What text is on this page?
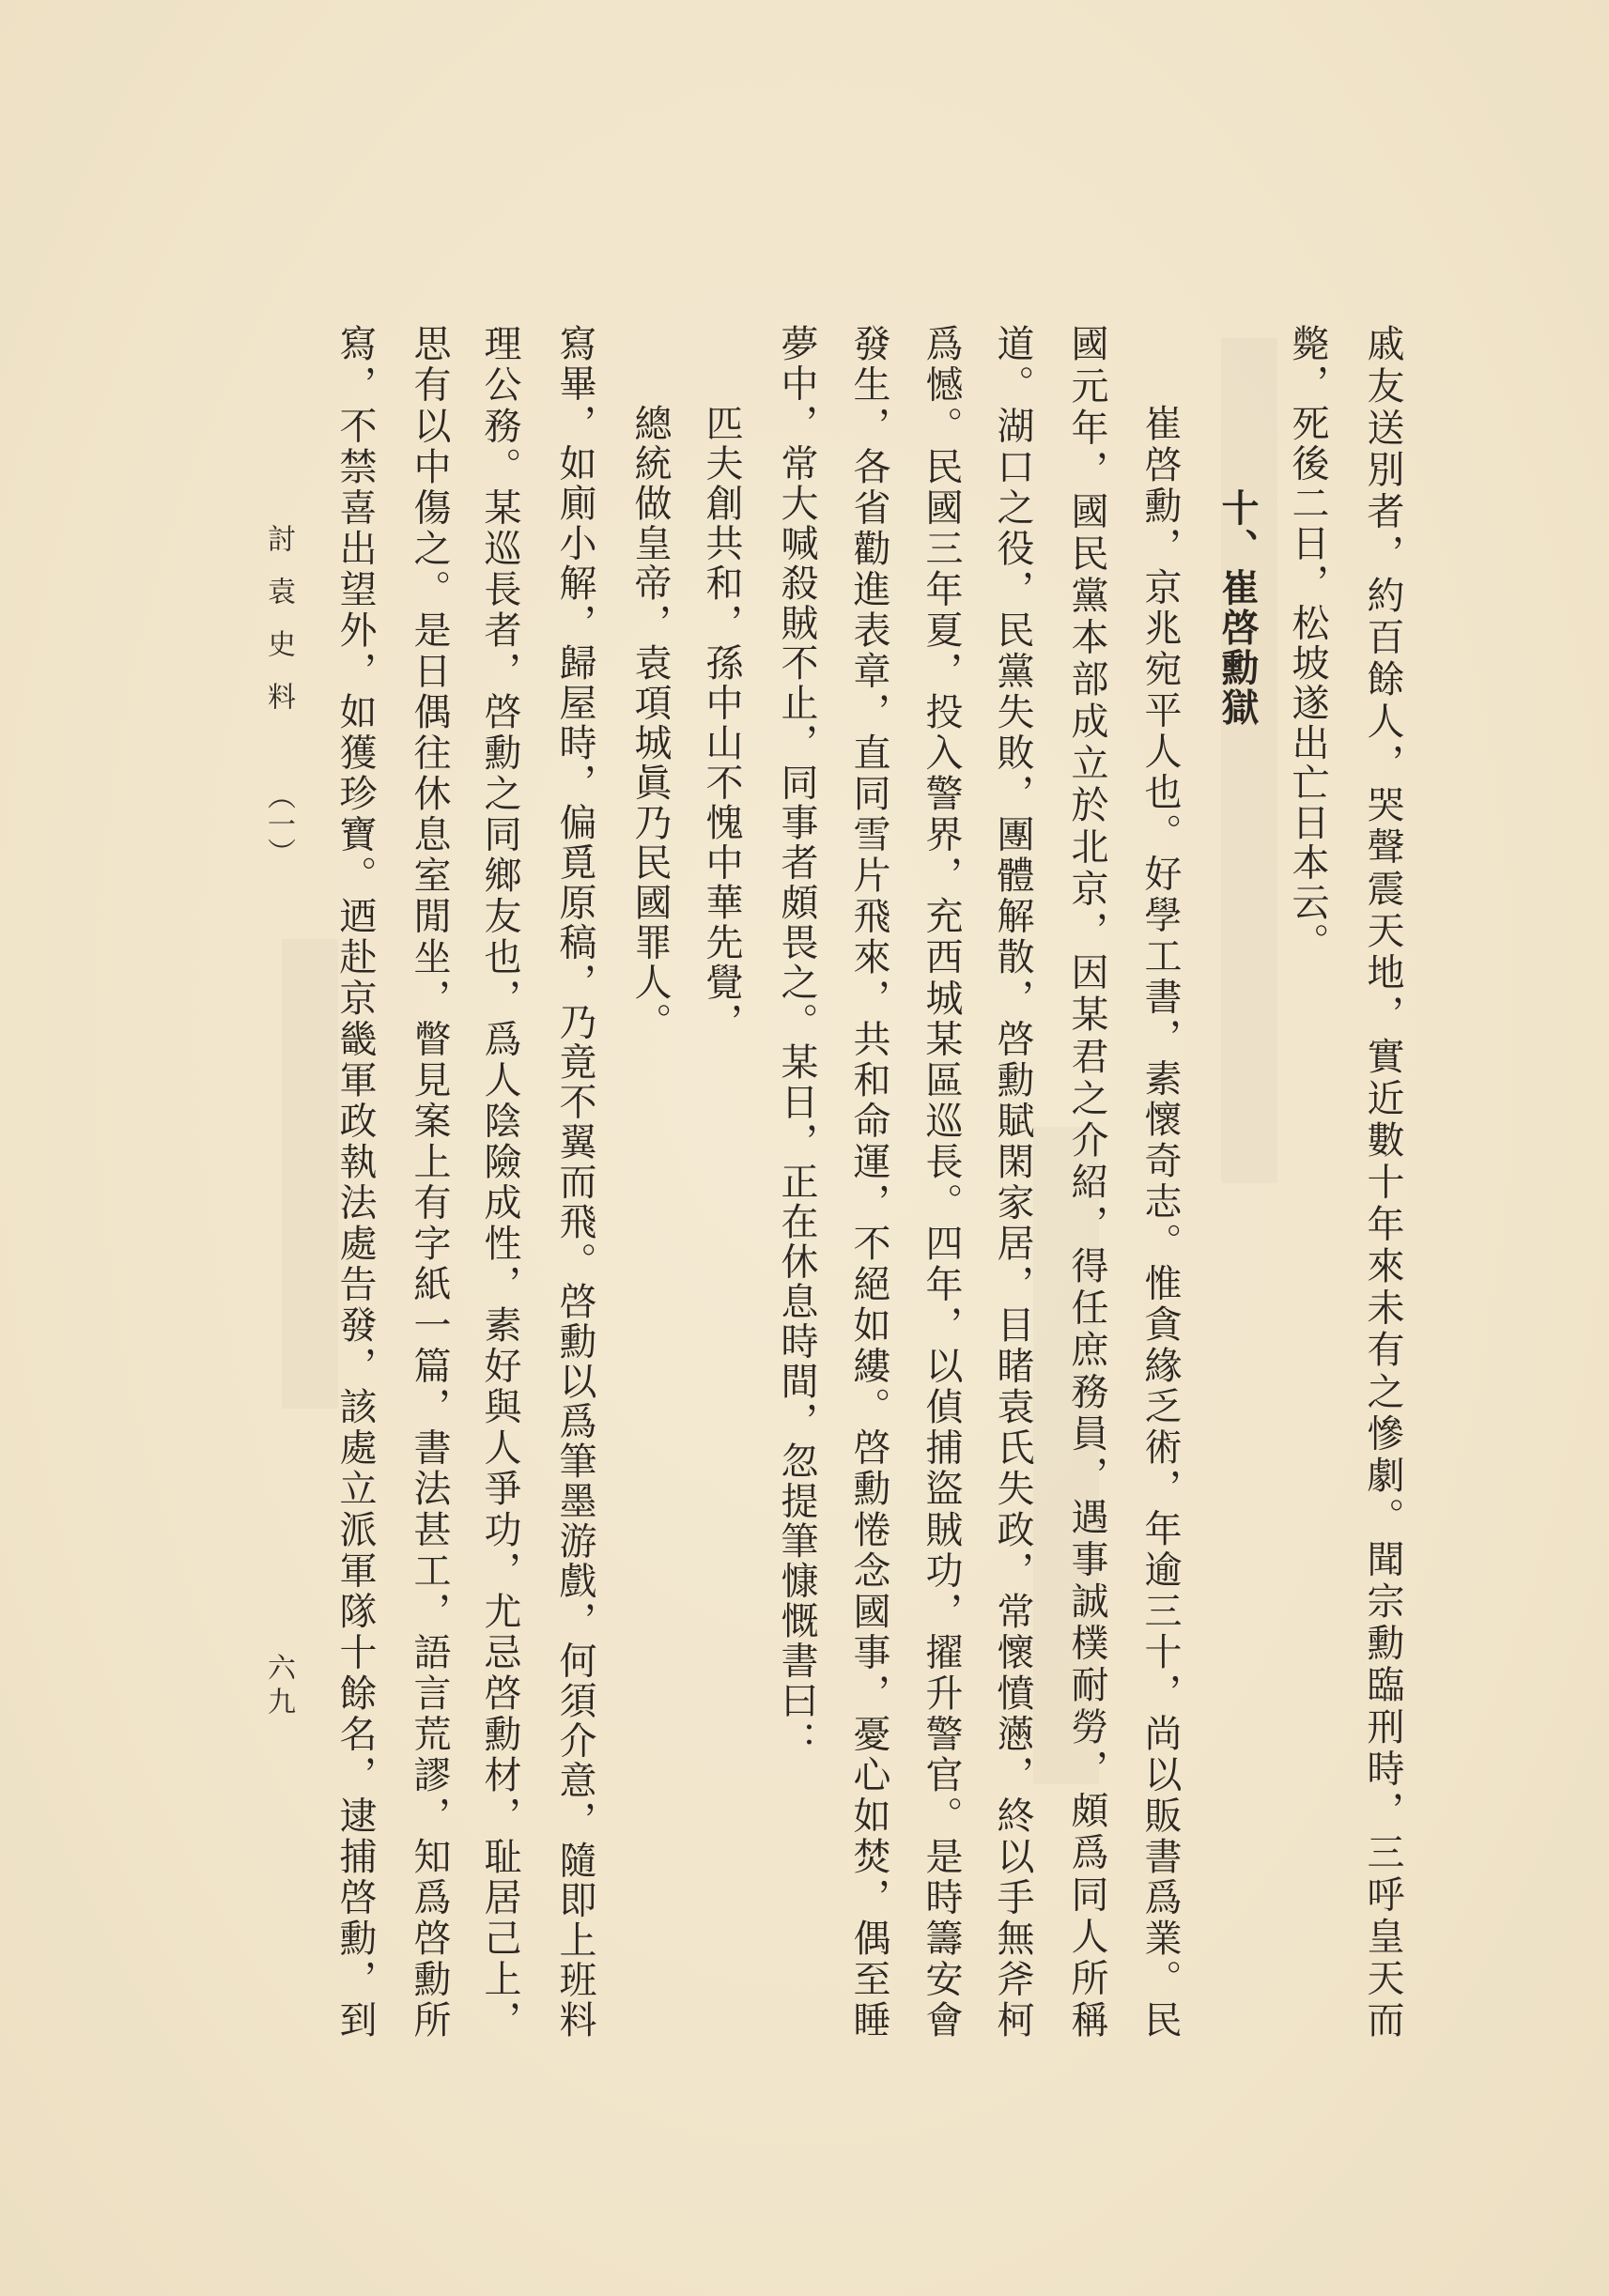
戚友送別者，約百餘人，哭聲震天地，實近數十年來未有之慘劇。聞宗勳臨刑時，三呼皇天而
斃，死後二日，松坡遂出亡日本云。
十、崔啓勳獄
崔啓勳，京兆宛平人也。好學工書，素懷奇志。惟貪緣乏術，年逾三十，尚以販書爲業。民
國元年，國民黨本部成立於北京，因某君之介紹，得任庶務員，遇事誠樸耐勞，頗爲同人所稱
道。湖口之役，民黨失敗，團體解散，啓勳賦閑家居，目睹袁氏失政，常懷憤懣，終以手無斧柯
爲憾。民國三年夏，投入警界，充西城某區巡長。四年，以偵捕盜賊功，擢升警官。是時籌安會
發生，各省勸進表章，直同雪片飛來，共和命運，不絕如縷。啓勳惓念國事，憂心如焚，偶至睡
夢中，常大喊殺賊不止，同事者頗畏之。某日，正在休息時間，忽提筆慷慨書曰：
匹夫創共和，孫中山不愧中華先覺，
總統做皇帝，袁項城眞乃民國罪人。
寫畢，如廁小解，歸屋時，偏覓原稿，乃竟不翼而飛。啓勳以爲筆墨游戲，何須介意，隨即上班料
理公務。某巡長者，啓勳之同鄉友也，爲人陰險成性，素好與人爭功，尤忌啓勳材，耻居己上，
思有以中傷之。是日偶往休息室閒坐，瞥見案上有字紙一篇，書法甚工，語言荒謬，知爲啓勳所
寫，不禁喜出望外，如獲珍寶。迺赴京畿軍政執法處告發，該處立派軍隊十餘名，逮捕啓勳，到
討袁史料
（一）
六九
